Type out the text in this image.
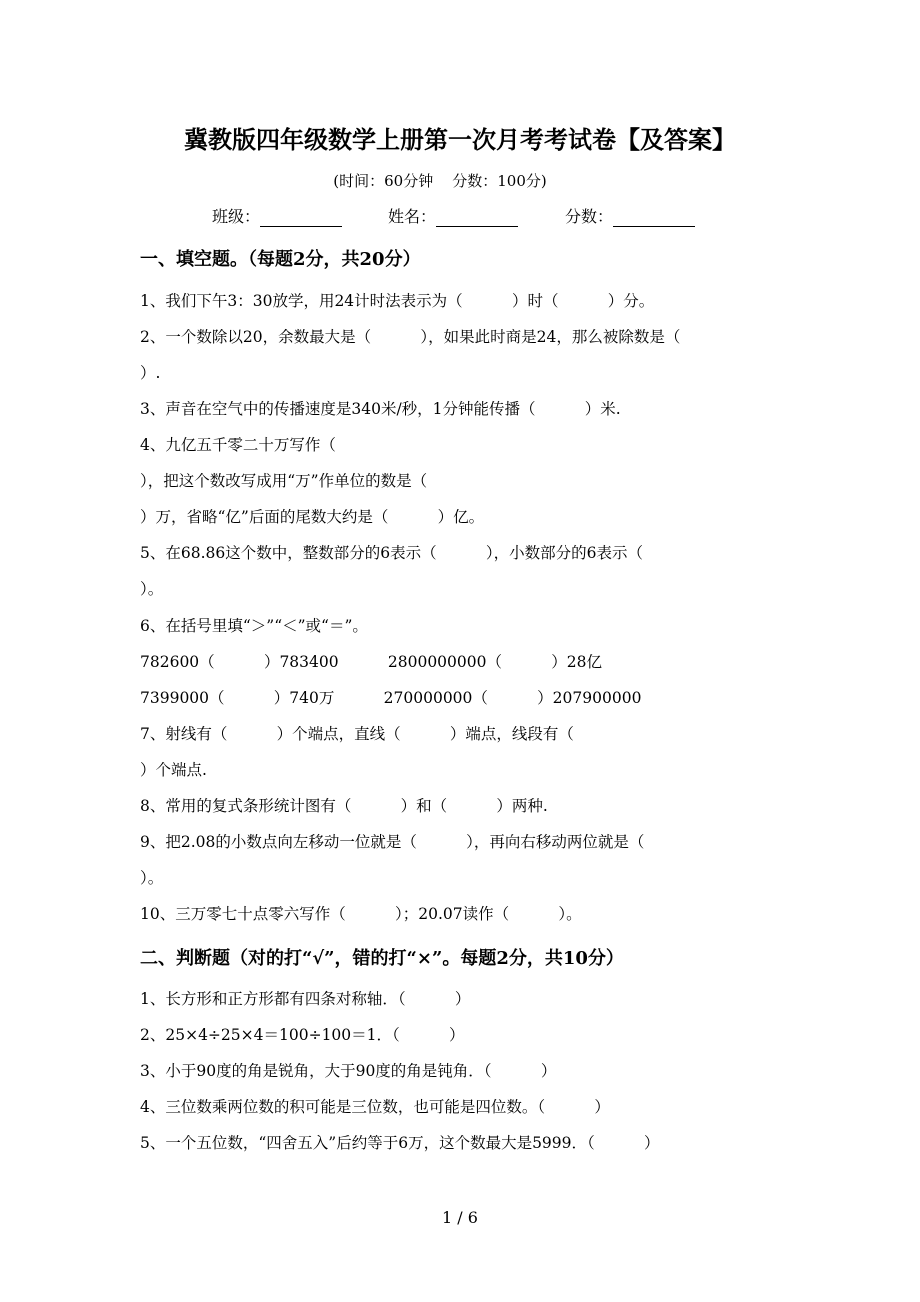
冀教版四年级数学上册第一次月考考试卷【及答案】
(时间：60分钟    分数：100分)
班级：	姓名：	分数：
一、填空题。（每题2分，共20分）
1、我们下午3：30放学，用24计时法表示为（          ）时（          ）分。
2、一个数除以20，余数最大是（          ），如果此时商是24，那么被除数是（
）.
3、声音在空气中的传播速度是340米/秒，1分钟能传播（          ）米.
4、九亿五千零二十万写作（
），把这个数改写成用“万”作单位的数是（
）万，省略“亿”后面的尾数大约是（          ）亿。
5、在68.86这个数中，整数部分的6表示（          ），小数部分的6表示（
）。
6、在括号里填“＞”“＜”或“＝”。
782600（          ）783400          2800000000（          ）28亿
7399000（          ）740万          270000000（          ）207900000
7、射线有（          ）个端点，直线（          ）端点，线段有（
）个端点.
8、常用的复式条形统计图有（          ）和（          ）两种.
9、把2.08的小数点向左移动一位就是（          ），再向右移动两位就是（
）。
10、三万零七十点零六写作（          ）；20.07读作（          ）。
二、判断题（对的打“√”，错的打“×”。每题2分，共10分）
1、长方形和正方形都有四条对称轴．（          ）
2、25×4÷25×4＝100÷100＝1．（          ）
3、小于90度的角是锐角，大于90度的角是钝角．（          ）
4、三位数乘两位数的积可能是三位数，也可能是四位数。（          ）
5、一个五位数，“四舍五入”后约等于6万，这个数最大是5999．（          ）
1 / 6
